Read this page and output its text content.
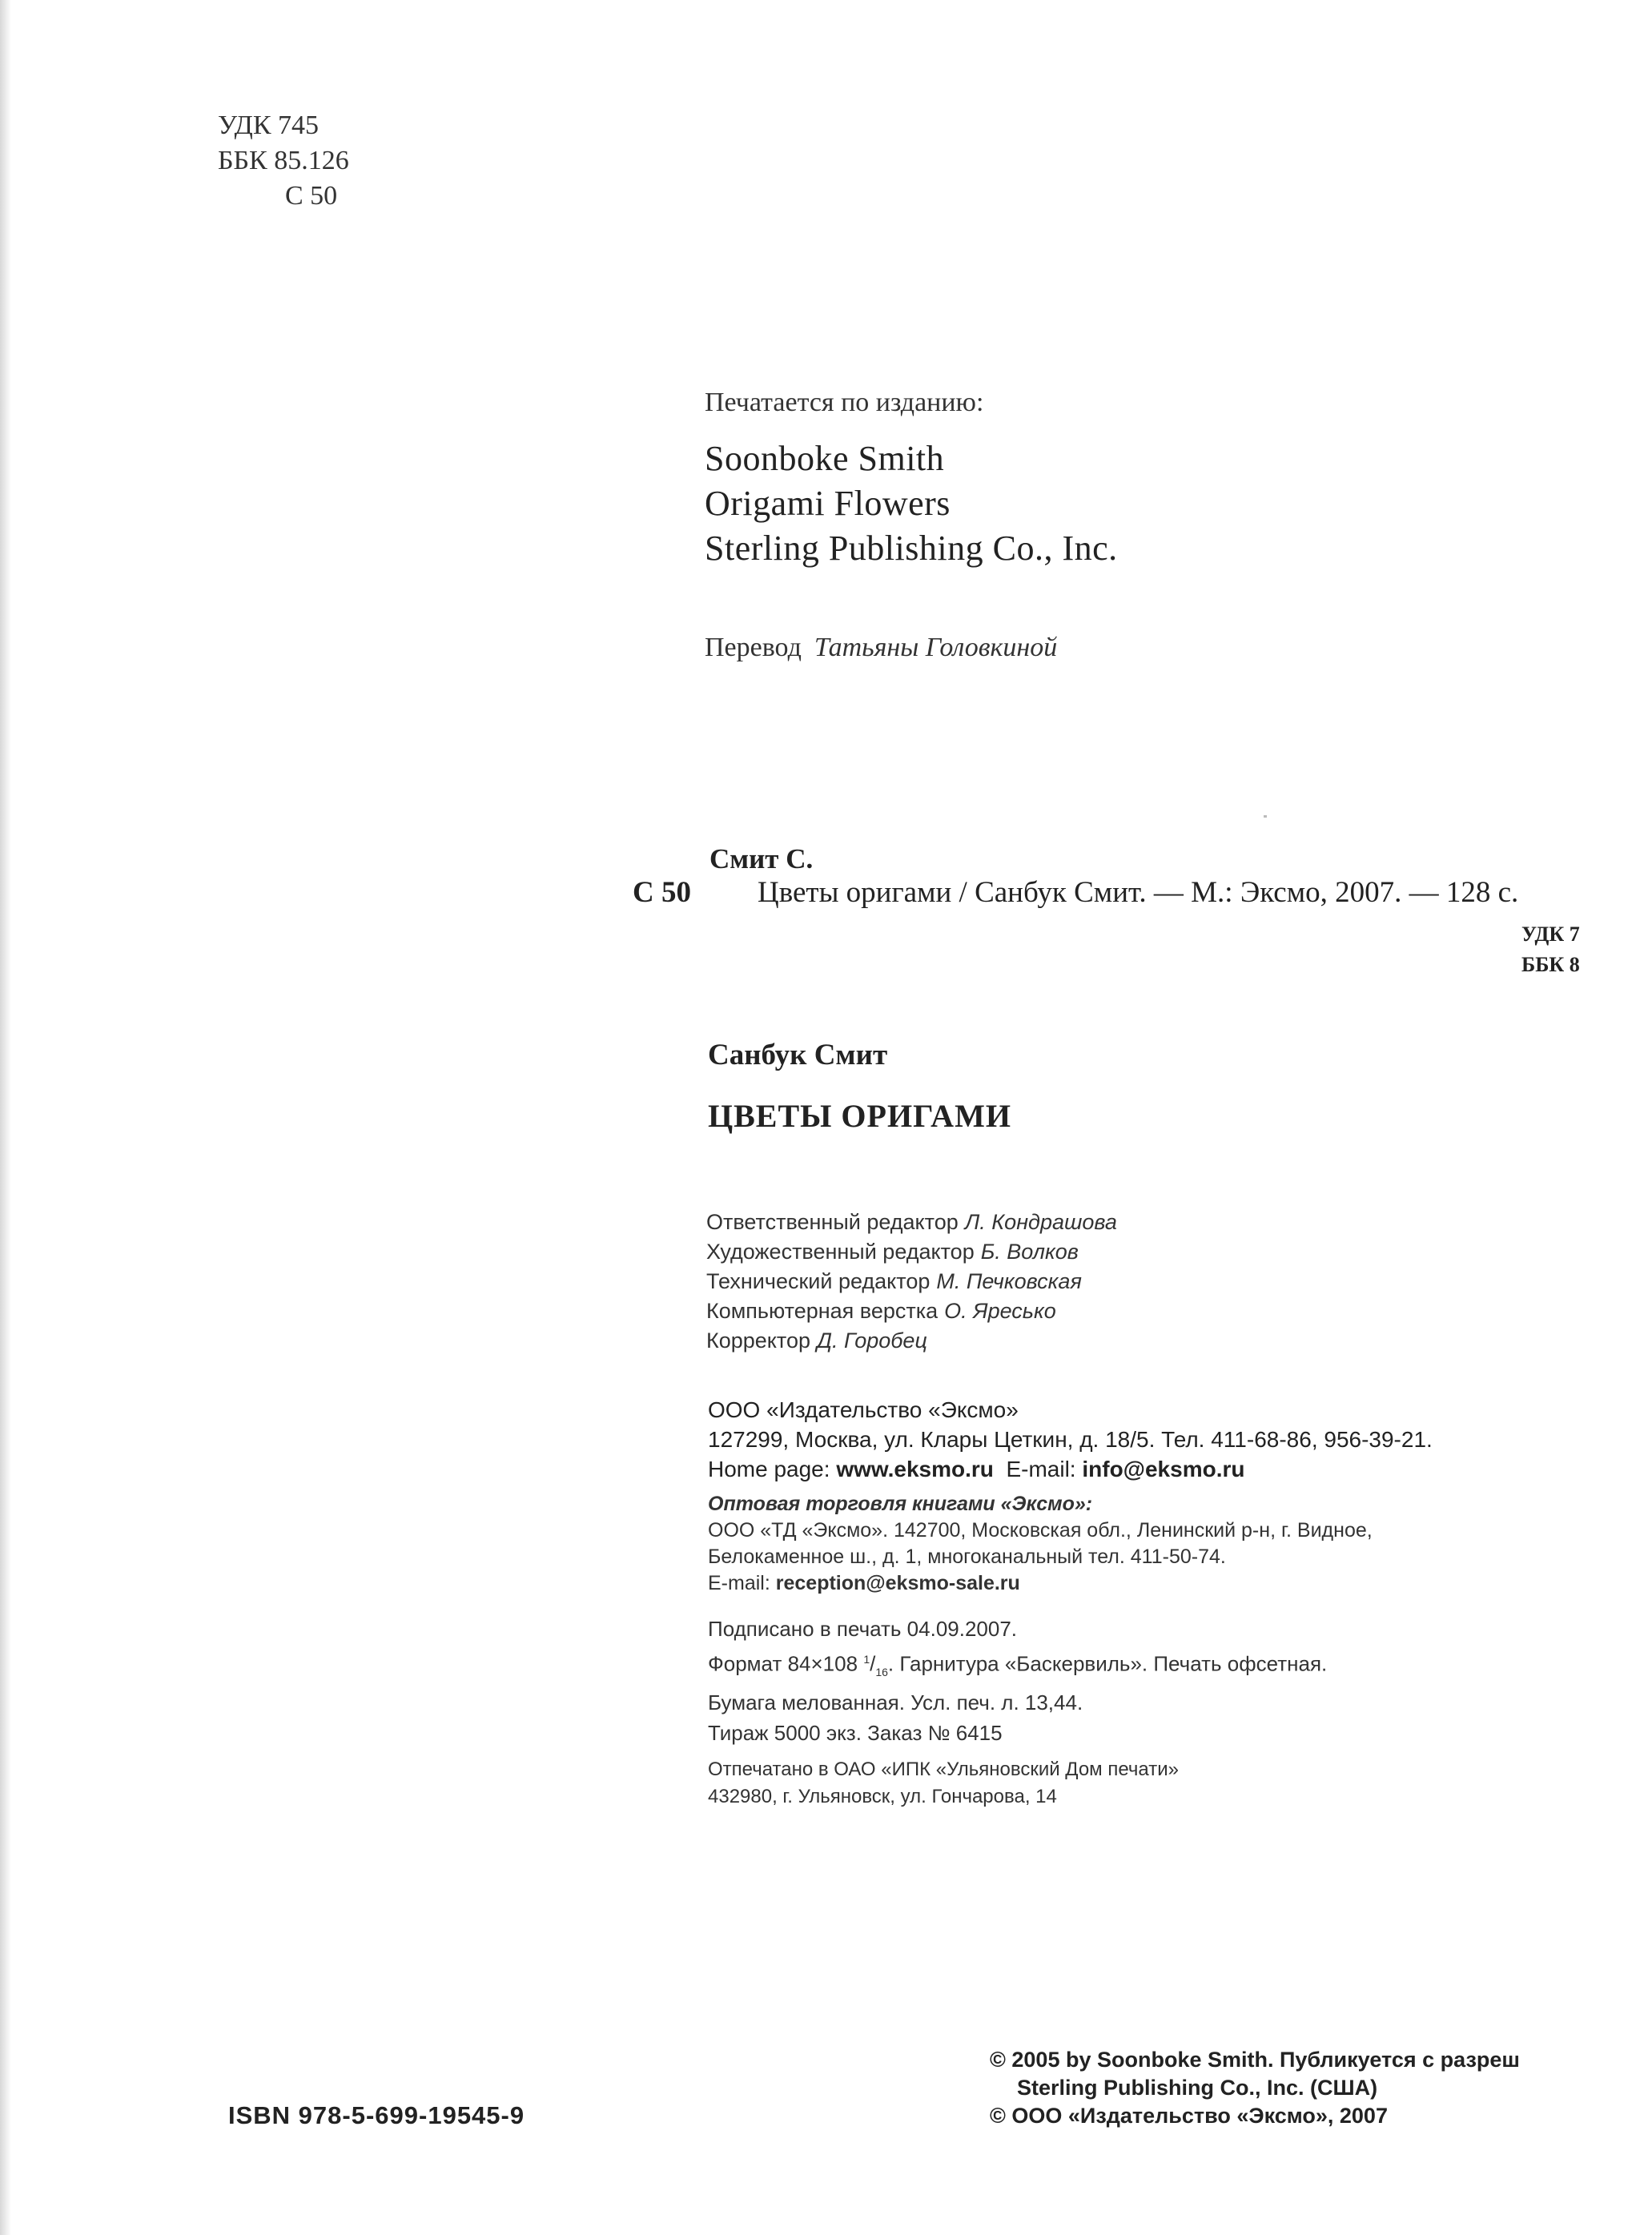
УДК 745
ББК 85.126
С 50
Печатается по изданию:
Soonboke Smith
Origami Flowers
Sterling Publishing Co., Inc.
Перевод Татьяны Головкиной
Смит С.
С 50 Цветы оригами / Санбук Смит. — М.: Эксмо, 2007. — 128 с.
УДК 7
ББК 8
Санбук Смит
ЦВЕТЫ ОРИГАМИ
Ответственный редактор Л. Кондрашова
Художественный редактор Б. Волков
Технический редактор М. Печковская
Компьютерная верстка О. Яресько
Корректор Д. Горобец
ООО «Издательство «Эксмо»
127299, Москва, ул. Клары Цеткин, д. 18/5. Тел. 411-68-86, 956-39-21.
Home page: www.eksmo.ru E-mail: info@eksmo.ru
Оптовая торговля книгами «Эксмо»:
ООО «ТД «Эксмо». 142700, Московская обл., Ленинский р-н, г. Видное,
Белокаменное ш., д. 1, многоканальный тел. 411-50-74.
E-mail: reception@eksmo-sale.ru
Подписано в печать 04.09.2007.
Формат 84×108 $^1/_{16}$. Гарнитура «Баскервиль». Печать офсетная.
Бумага мелованная. Усл. печ. л. 13,44.
Тираж 5000 экз. Заказ № 6415
Отпечатано в ОАО «ИПК «Ульяновский Дом печати»
432980, г. Ульяновск, ул. Гончарова, 14
ISBN 978-5-699-19545-9
© 2005 by Soonboke Smith. Публикуется с разреш
Sterling Publishing Co., Inc. (США)
© ООО «Издательство «Эксмо», 2007
